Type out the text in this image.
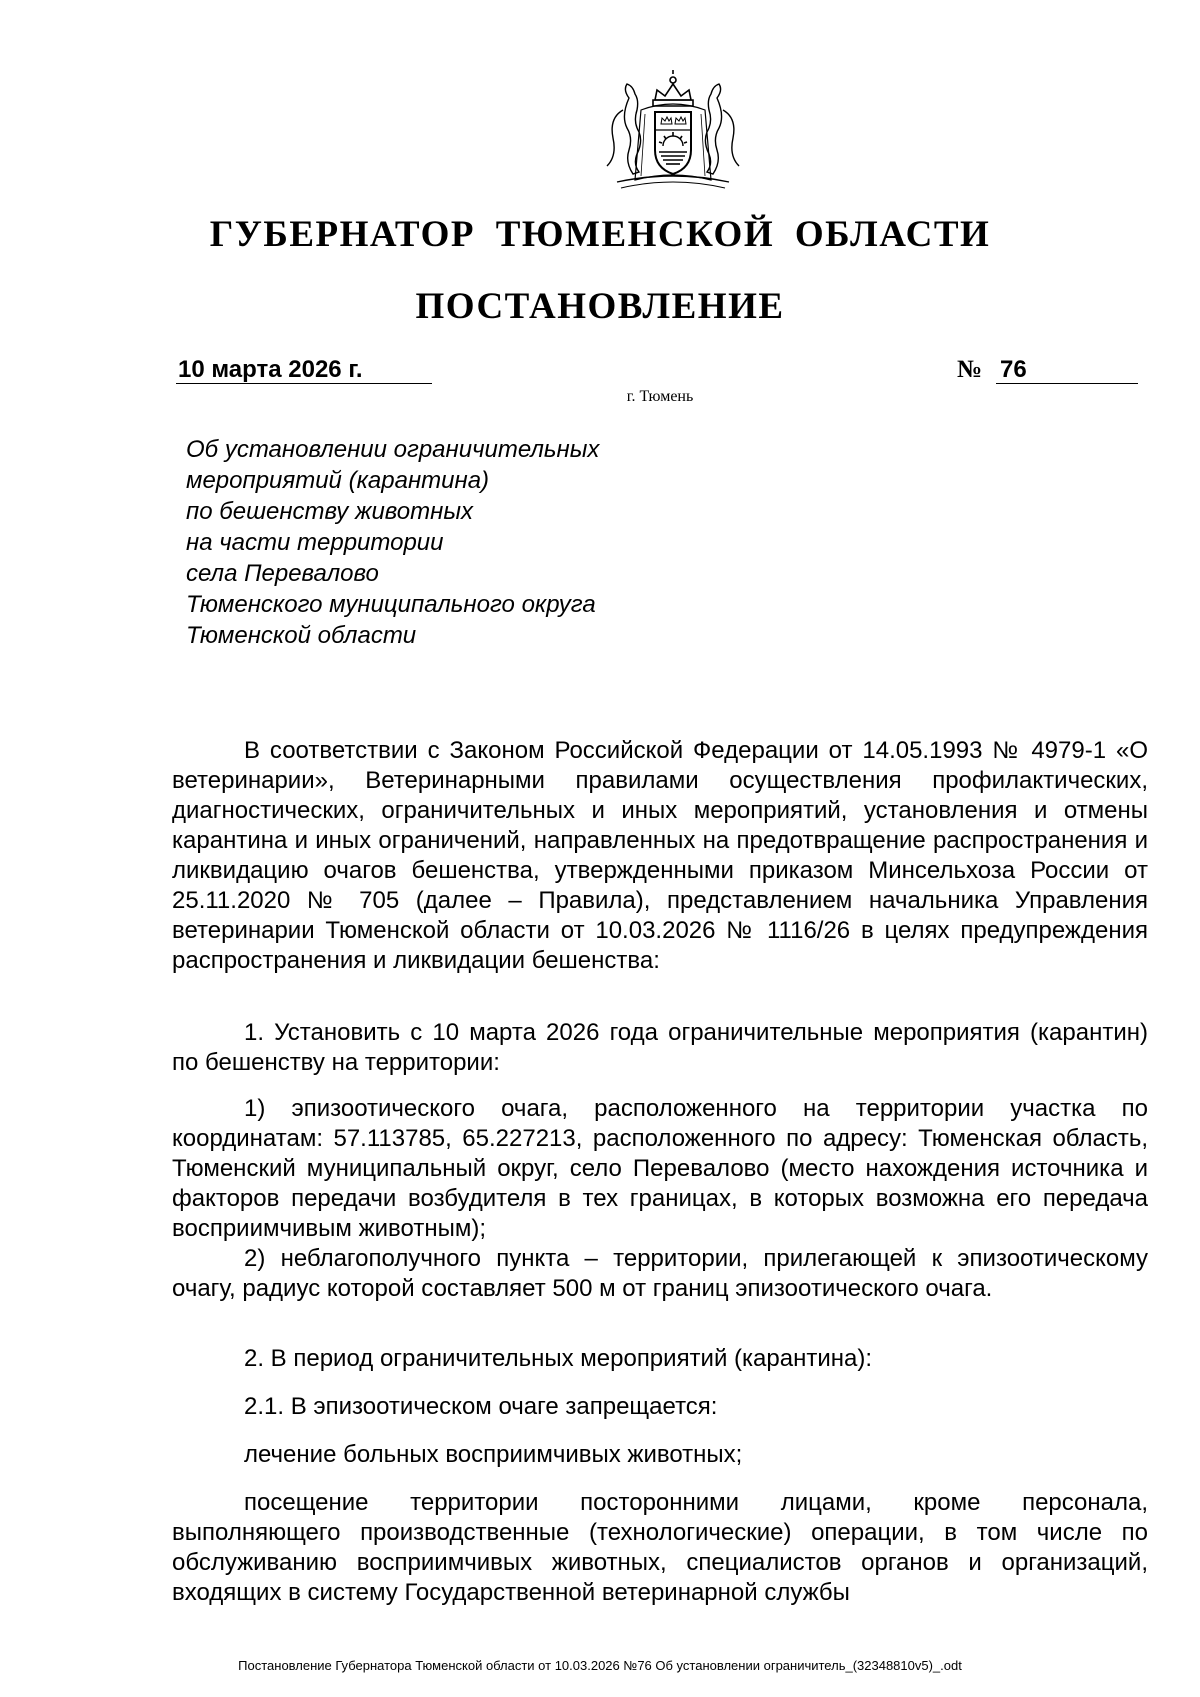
ГУБЕРНАТОР ТЮМЕНСКОЙ ОБЛАСТИ
ПОСТАНОВЛЕНИЕ
10 марта 2026 г.	№ 76
г. Тюмень
Об установлении ограничительных
мероприятий (карантина)
по бешенству животных
на части территории
села Перевалово
Тюменского муниципального округа
Тюменской области

В соответствии с Законом Российской Федерации от 14.05.1993 № 4979-1 «О ветеринарии», Ветеринарными правилами осуществления профилактических, диагностических, ограничительных и иных мероприятий, установления и отмены карантина и иных ограничений, направленных на предотвращение распространения и ликвидацию очагов бешенства, утвержденными приказом Минсельхоза России от 25.11.2020 № 705 (далее – Правила), представлением начальника Управления ветеринарии Тюменской области от 10.03.2026 № 1116/26 в целях предупреждения распространения и ликвидации бешенства:

1. Установить с 10 марта 2026 года ограничительные мероприятия (карантин) по бешенству на территории:

1) эпизоотического очага, расположенного на территории участка по координатам: 57.113785, 65.227213, расположенного по адресу: Тюменская область, Тюменский муниципальный округ, село Перевалово (место нахождения источника и факторов передачи возбудителя в тех границах, в которых возможна его передача восприимчивым животным);

2) неблагополучного пункта – территории, прилегающей к эпизоотическому очагу, радиус которой составляет 500 м от границ эпизоотического очага.

2. В период ограничительных мероприятий (карантина):

2.1. В эпизоотическом очаге запрещается:

лечение больных восприимчивых животных;

посещение территории посторонними лицами, кроме персонала, выполняющего производственные (технологические) операции, в том числе по обслуживанию восприимчивых животных, специалистов органов и организаций, входящих в систему Государственной ветеринарной службы

Постановление Губернатора Тюменской области от 10.03.2026 №76 Об установлении ограничитель_(32348810v5)_.odt
